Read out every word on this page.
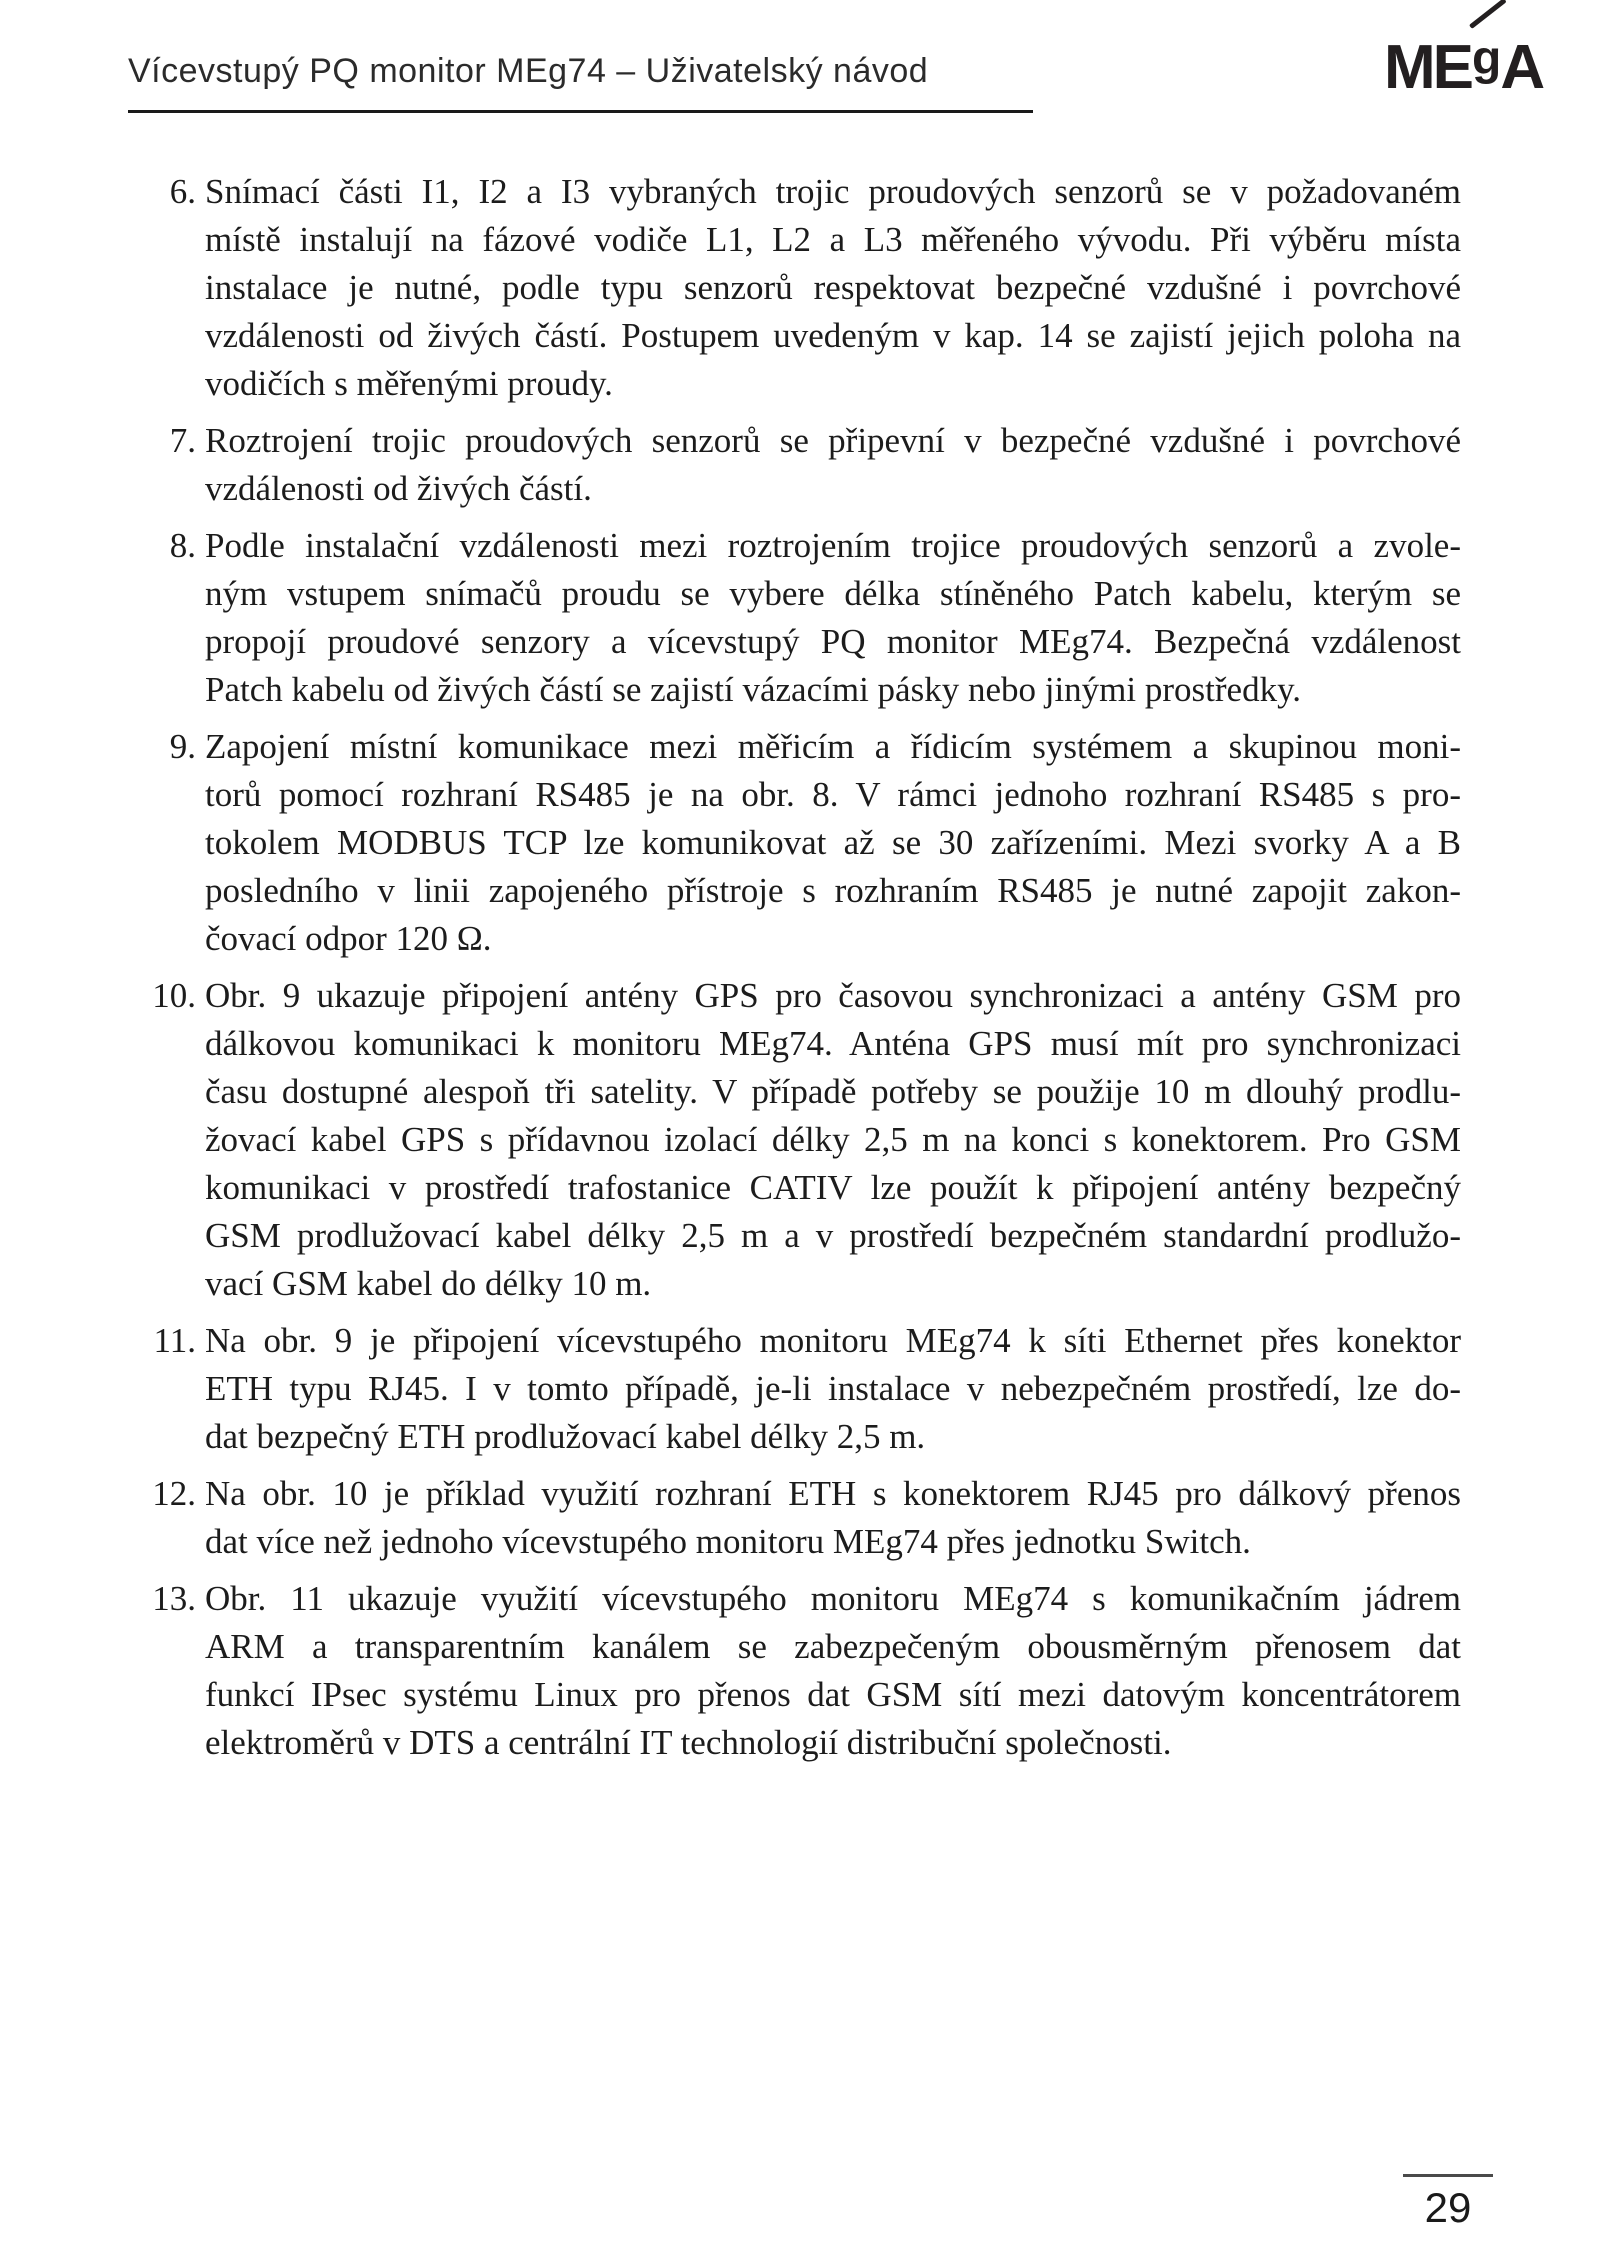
Vícevstupý PQ monitor MEg74 – Uživatelský návod	MEgA
6. Snímací části I1, I2 a I3 vybraných trojic proudových senzorů se v požadovaném
místě instalují na fázové vodiče L1, L2 a L3 měřeného vývodu. Při výběru místa
instalace je nutné, podle typu senzorů respektovat bezpečné vzdušné i povrchové
vzdálenosti od živých částí. Postupem uvedeným v kap. 14 se zajistí jejich poloha na
vodičích s měřenými proudy.
7. Roztrojení trojic proudových senzorů se připevní v bezpečné vzdušné i povrchové
vzdálenosti od živých částí.
8. Podle instalační vzdálenosti mezi roztrojením trojice proudových senzorů a zvole-
ným vstupem snímačů proudu se vybere délka stíněného Patch kabelu, kterým se
propojí proudové senzory a vícevstupý PQ monitor MEg74. Bezpečná vzdálenost
Patch kabelu od živých částí se zajistí vázacími pásky nebo jinými prostředky.
9. Zapojení místní komunikace mezi měřicím a řídicím systémem a skupinou moni-
torů pomocí rozhraní RS485 je na obr. 8. V rámci jednoho rozhraní RS485 s pro-
tokolem MODBUS TCP lze komunikovat až se 30 zařízeními. Mezi svorky A a B
posledního v linii zapojeného přístroje s rozhraním RS485 je nutné zapojit zakon-
čovací odpor 120 Ω.
10. Obr. 9 ukazuje připojení antény GPS pro časovou synchronizaci a antény GSM pro
dálkovou komunikaci k monitoru MEg74. Anténa GPS musí mít pro synchronizaci
času dostupné alespoň tři satelity. V případě potřeby se použije 10 m dlouhý prodlu-
žovací kabel GPS s přídavnou izolací délky 2,5 m na konci s konektorem. Pro GSM
komunikaci v prostředí trafostanice CATIV lze použít k připojení antény bezpečný
GSM prodlužovací kabel délky 2,5 m a v prostředí bezpečném standardní prodlužo-
vací GSM kabel do délky 10 m.
11. Na obr. 9 je připojení vícevstupého monitoru MEg74 k síti Ethernet přes konektor
ETH typu RJ45. I v tomto případě, je-li instalace v nebezpečném prostředí, lze do-
dat bezpečný ETH prodlužovací kabel délky 2,5 m.
12. Na obr. 10 je příklad využití rozhraní ETH s konektorem RJ45 pro dálkový přenos
dat více než jednoho vícevstupého monitoru MEg74 přes jednotku Switch.
13. Obr. 11 ukazuje využití vícevstupého monitoru MEg74 s komunikačním jádrem
ARM a transparentním kanálem se zabezpečeným obousměrným přenosem dat
funkcí IPsec systému Linux pro přenos dat GSM sítí mezi datovým koncentrátorem
elektroměrů v DTS a centrální IT technologií distribuční společnosti.
29
